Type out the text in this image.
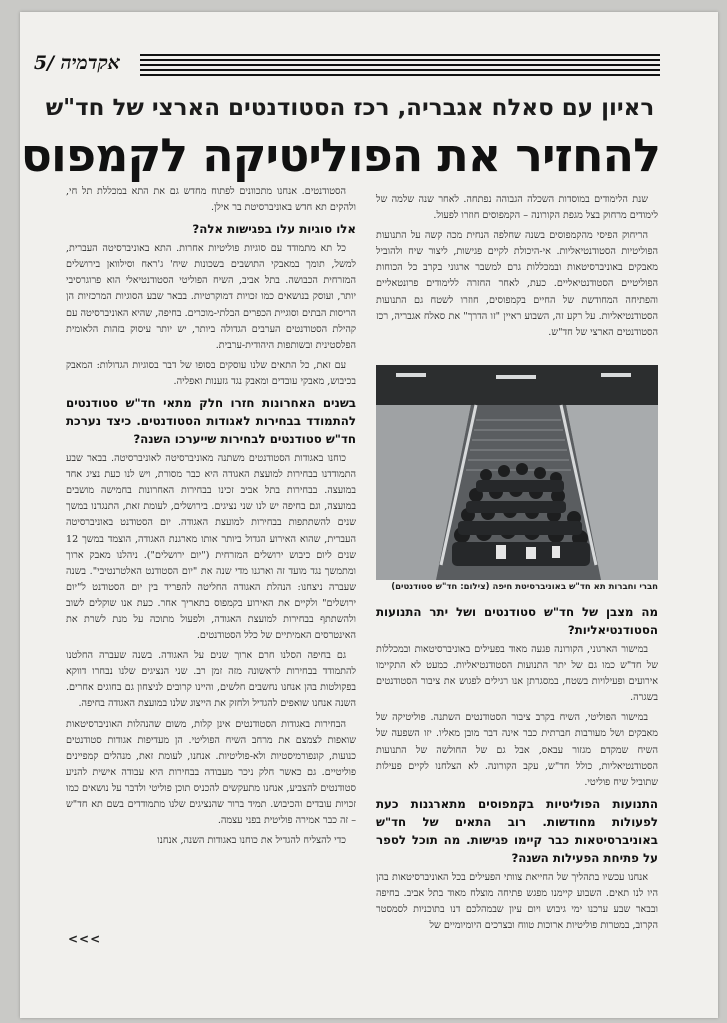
אקדמיה /5
ראיון עם סאלח אגבריה, רכז הסטודנטים הארצי של חד"ש
להחזיר את הפוליטיקה לקמפוס

שנת הלימודים במוסדות השכלה הגבוהה נפתחה. לאחר שנה שלמה של לימודים מרחוק בצל מגפת הקורונה – הקמפוסים חוזרו לפעול.

הריחוק הפיסי מהקמפוסים בשנה שחלפה הנחית מכה קשה על התנועות הפוליטיות הסטודנטיאליות. אי-היכולת לקיים פגישות, ליצור שיח ולהוביל מאבקים באוניברסיטאות ובמכללות גרם למשבר ארגוני בקרב כל הכוחות הפוליטיים הסטודנטיאליים. כעת, לאחר החזרה ללימודים פרונטאליים והפתיחה המחודשת של החיים בקמפוסים, חוזרו לשטח גם התנועות הסטודנטיאליות. על רקע זה, השבוע ראיין "זו הדרך" את סאלח אגבריה, רכז הסטודנטים הארצי של חד"ש.

חברי וחברות תא חד"ש באוניברסיטת חיפה (צילום: חד"ש סטודנטים)
מה מצבן של חד"ש סטודנטים ושל יתר התנועות הסטודנטיאליות?

במישור הארגוני, הקורונה פגעה מאוד בפעילים באוניברסיטאות ובמכללות של חד"ש כמו גם של יתר התנועות הסטודנטיאליות. כמעט לא התקיימו אירועים ופעילויות בשטח, במסגרתן אנו רגילים לפגוש את ציבור הסטודנטים בשגרה.

במישור הפוליטי, השיח בקרב ציבור הסטודנטים השתנה. פוליטיקה של מאבקים ושל מעורבות חברתית כבר אינה דבר מובן מאליו. יזו השפעה של השיח שמקדם מגזור עבאס, אבל גם של החולשה של התנועות הסטודנטיאליות, כולל חד"ש, עקב הקורונה. לא הצלחנו לקיים פעילות שתוביל שיח פוליטי.

התנועות הפוליטיות בקמפוסים מתארגנות כעת לפעולות מחודשות. רוב התאים של חד"ש באוניברסיטאות כבר קיימו פגישות. מה תוכל לספר על פתיחת הפעילות השנה?

אנחנו עכשיו בתהליך של החייאת צוותי הפעילים בכל האוניברסיטאות בהן היו לנו תאים. השבוע קיימנו מפגש פתיחה מוצלח מאוד בתל אביב. בחיפה ובבאר שבע ערכנו ימי גיבוש ויום עיון שבמהלכם דנו בתוכניות לסמסטר הקרוב, במטרות פוליטיות ארוכות טווח ובצרכים היומיומיים של

הסטודנטים. אנחנו מתכוונים לפתוח מחדש גם את התא במכללת תל חי, ולהקים תא חדש באוניברסיטת בר אילן.

אלו סוגיות עלו בפגישות אלה?

כל תא מתמודד עם סוגיות פוליטיות אחרות. התא באוניברסיטה העברית, למשל, תומך במאבקי התושבים בשכונות שיח' ג'ראח וסילוואן בירושלים המזרחית הכבושה. בתל אביב, השיח הפוליטי הסטודנטיאלי הוא פרוגרסיבי יותר, ועוסק בנושאים כמו זכויות דמוקרטיות. בבאר שבע הסוגיות המרכזיות הן הריסות הבתים וסוגיית הכפרים הבלתי-מוכרים. בחיפה, שהיא האוניברסיטה עם קהילת הסטודנטים הערבים הגדולה ביותר, יש יותר עיסוק בזהות הלאומית הפלסטינית ובשותפות היהודית-ערבית.

עם זאת, כל התאים שלנו עוסקים בסופו של דבר בסוגיות הגדולות: המאבק בכיבוש, מאבקי עובדים ומאבק נגד גזענות ואפליה.

בשנים האחרונות חזרו חלק מתאי חד"ש סטודנטים להתמודד בבחירות לאגודות הסטודנטים. כיצד נערכת חד"ש סטודנטים לבחירות שייערכו השנה?

כוחנו באגודות הסטודנטים משתנה מאוניברסיטה לאוניברסיטה. בבאר שבע התמודדנו בבחירות למועצת האגודה היא כבר מסורת, ויש לנו כעת נציג אחד במועצה. בבחירות בתל אביב זכינו בבחירות האחרונות בחמישה מושבים במועצה, וגם בחיפה יש לנו שני נציגים. בירושלים, לעומת זאת, התנגדנו במשך שנים להשתתפות בבחירות למועצת האגודה. יום הסטודנט באוניברסיטה העברית, שהוא האירוע הגדול ביותר אותו מארגנת האגודה, הוצמד במשך 12 שנים ליום כיבוש ירושלים המזרחית ("יום ירושלים"). ניהלנו מאבק ארוך ומתמשך נגד מועד זה וארגנו מדי שנה את "יום הסטודנט האלטרנטיבי". בשנה שעברה ניצחנו: הנהלת האגודה החליטה להפריד בין יום הסטודנט ל"יום ירושלים" ולקיים את האירוע בקמפוס בתאריך אחר. כעת אנו שוקלים לשוב ולהשתתף בבחירות למועצת האגודה, ולפעול מתוכה על מנת לשרת את האינטרסים האמיתיים של כלל הסטודנטים.

גם בחיפה הסלנו חרם ארוך שנים על האגודה. בשנה שעברה החלטנו להתמודד בבחירות לראשונה מזה זמן רב. שני הנציגים שלנו נבחרו דווקא בפקולטות בהן אנחנו נחשבים חלשים, והיינו קרובים לניצחון גם בחוגים אחרים. השנה אנחנו שואפים להגדיל ולחזק את הייצוג שלנו במועצת האגודה בחיפה.

הבחירות באגודות הסטודנטים אינן קלות, משום שהנהלות האוניברסיטאות שואפות לצמצם את מרחב השיח הפוליטי. הן מעדיפות אגודות סטודנטים כנועות, קונפורמיסטיות ולא-פוליטיות. אנחנו, לעומת זאת, מנהלים קמפיינים פוליטיים. גם כאשר חלק ניכר מעבודה בבחירות היא עבודה אישית להניע סטודנטים להצביע, אנחנו מתעקשים להכניס תוכן פוליטי ולדבר על נושאים כמו זכויות עובדים והכיבוש. תמיד ברור שהנציגים שלנו מתמודדים בשם תא חד"ש – זה כבר אמירה פוליטית בפני עצמה.

כדי להצליח להגדיל את כוחנו באגודות השנה, אנחנו

<<<
